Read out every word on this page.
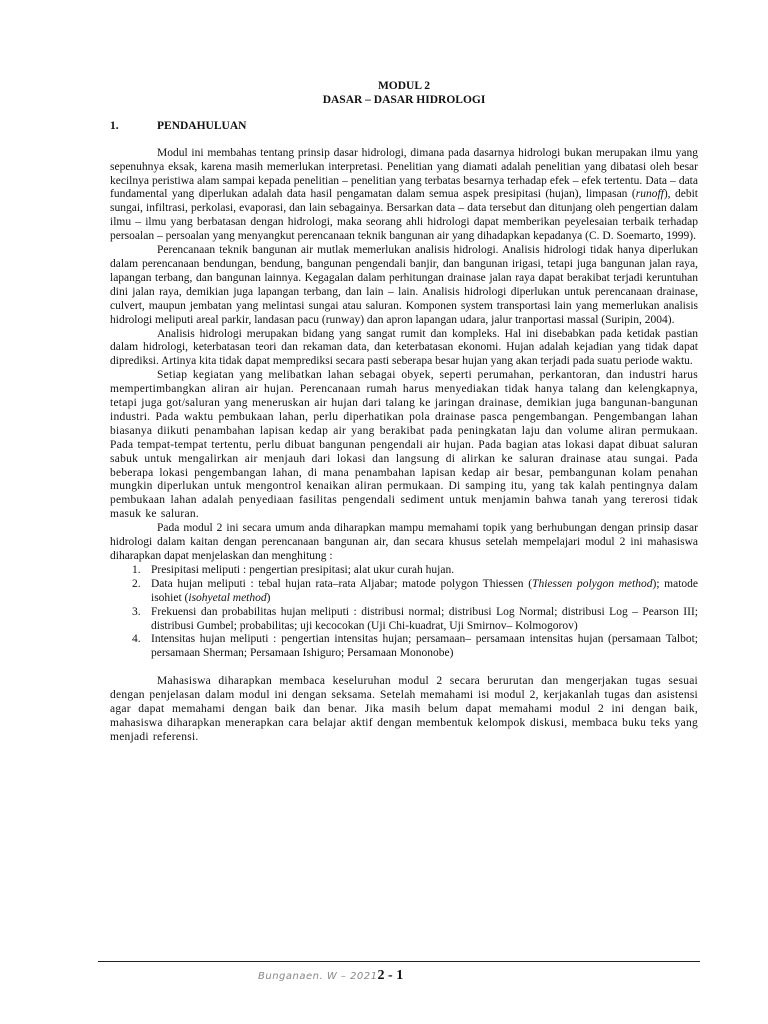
MODUL 2
DASAR – DASAR HIDROLOGI
1.	PENDAHULUAN

Modul ini membahas tentang prinsip dasar hidrologi, dimana pada dasarnya hidrologi bukan merupakan ilmu yang sepenuhnya eksak, karena masih memerlukan interpretasi. Penelitian yang diamati adalah penelitian yang dibatasi oleh besar kecilnya peristiwa alam sampai kepada penelitian – penelitian yang terbatas besarnya terhadap efek – efek tertentu. Data – data fundamental yang diperlukan adalah data hasil pengamatan dalam semua aspek presipitasi (hujan), limpasan (runoff), debit sungai, infiltrasi, perkolasi, evaporasi, dan lain sebagainya. Bersarkan data – data tersebut dan ditunjang oleh pengertian dalam ilmu – ilmu yang berbatasan dengan hidrologi, maka seorang ahli hidrologi dapat memberikan peyelesaian terbaik terhadap persoalan – persoalan yang menyangkut perencanaan teknik bangunan air yang dihadapkan kepadanya (C. D. Soemarto, 1999).

Perencanaan teknik bangunan air mutlak memerlukan analisis hidrologi. Analisis hidrologi tidak hanya diperlukan dalam perencanaan bendungan, bendung, bangunan pengendali banjir, dan bangunan irigasi, tetapi juga bangunan jalan raya, lapangan terbang, dan bangunan lainnya. Kegagalan dalam perhitungan drainase jalan raya dapat berakibat terjadi keruntuhan dini jalan raya, demikian juga lapangan terbang, dan lain – lain. Analisis hidrologi diperlukan untuk perencanaan drainase, culvert, maupun jembatan yang melintasi sungai atau saluran. Komponen system transportasi lain yang memerlukan analisis hidrologi meliputi areal parkir, landasan pacu (runway) dan apron lapangan udara, jalur tranportasi massal (Suripin, 2004).

Analisis hidrologi merupakan bidang yang sangat rumit dan kompleks. Hal ini disebabkan pada ketidak pastian dalam hidrologi, keterbatasan teori dan rekaman data, dan keterbatasan ekonomi. Hujan adalah kejadian yang tidak dapat diprediksi. Artinya kita tidak dapat memprediksi secara pasti seberapa besar hujan yang akan terjadi pada suatu periode waktu.

Setiap kegiatan yang melibatkan lahan sebagai obyek, seperti perumahan, perkantoran, dan industri harus mempertimbangkan aliran air hujan. Perencanaan rumah harus menyediakan tidak hanya talang dan kelengkapnya, tetapi juga got/saluran yang meneruskan air hujan dari talang ke jaringan drainase, demikian juga bangunan-bangunan industri. Pada waktu pembukaan lahan, perlu diperhatikan pola drainase pasca pengembangan. Pengembangan lahan biasanya diikuti penambahan lapisan kedap air yang berakibat pada peningkatan laju dan volume aliran permukaan. Pada tempat-tempat tertentu, perlu dibuat bangunan pengendali air hujan. Pada bagian atas lokasi dapat dibuat saluran sabuk untuk mengalirkan air menjauh dari lokasi dan langsung di alirkan ke saluran drainase atau sungai. Pada beberapa lokasi pengembangan lahan, di mana penambahan lapisan kedap air besar, pembangunan kolam penahan mungkin diperlukan untuk mengontrol kenaikan aliran permukaan. Di samping itu, yang tak kalah pentingnya dalam pembukaan lahan adalah penyediaan fasilitas pengendali sediment untuk menjamin bahwa tanah yang tererosi tidak masuk ke saluran.

Pada modul 2 ini secara umum anda diharapkan mampu memahami topik yang berhubungan dengan prinsip dasar hidrologi dalam kaitan dengan perencanaan bangunan air, dan secara khusus setelah mempelajari modul 2 ini mahasiswa diharapkan dapat menjelaskan dan menghitung :

1. Presipitasi meliputi : pengertian presipitasi; alat ukur curah hujan.
2. Data hujan meliputi : tebal hujan rata–rata Aljabar; matode polygon Thiessen (Thiessen polygon method); matode isohiet (isohyetal method)
3. Frekuensi dan probabilitas hujan meliputi : distribusi normal; distribusi Log Normal; distribusi Log – Pearson III; distribusi Gumbel; probabilitas; uji kecocokan (Uji Chi-kuadrat, Uji Smirnov– Kolmogorov)
4. Intensitas hujan meliputi : pengertian intensitas hujan; persamaan– persamaan intensitas hujan (persamaan Talbot; persamaan Sherman; Persamaan Ishiguro; Persamaan Mononobe)

Mahasiswa diharapkan membaca keseluruhan modul 2 secara berurutan dan mengerjakan tugas sesuai dengan penjelasan dalam modul ini dengan seksama. Setelah memahami isi modul 2, kerjakanlah tugas dan asistensi agar dapat memahami dengan baik dan benar. Jika masih belum dapat memahami modul 2 ini dengan baik, mahasiswa diharapkan menerapkan cara belajar aktif dengan membentuk kelompok diskusi, membaca buku teks yang menjadi referensi.

Bunganaen. W – 20212 - 1
